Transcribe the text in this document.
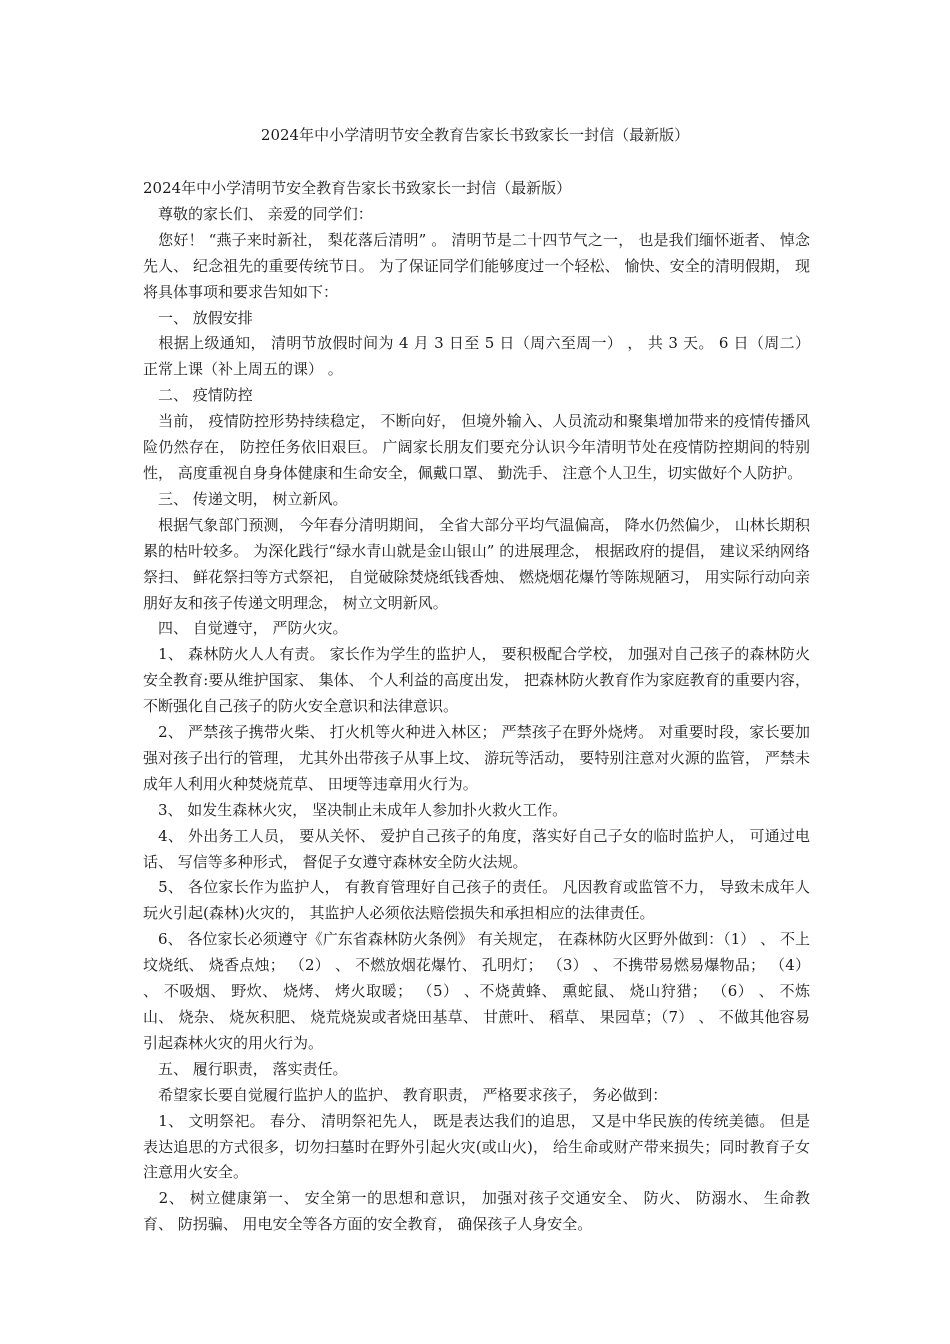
2024年中小学清明节安全教育告家长书致家长一封信（最新版）

2024年中小学清明节安全教育告家长书致家长一封信（最新版）

　尊敬的家长们、 亲爱的同学们：

　您好！ “燕子来时新社， 梨花落后清明” 。 清明节是二十四节气之一， 也是我们缅怀逝者、 悼念先人、 纪念祖先的重要传统节日。 为了保证同学们能够度过一个轻松、 愉快、安全的清明假期， 现将具体事项和要求告知如下：

　一、 放假安排

　根据上级通知， 清明节放假时间为 4 月 3 日至 5 日（周六至周一） ， 共 3 天。 6 日（周二） 正常上课（补上周五的课） 。

　二、 疫情防控

　当前， 疫情防控形势持续稳定， 不断向好， 但境外输入、人员流动和聚集增加带来的疫情传播风险仍然存在， 防控任务依旧艰巨。 广阔家长朋友们要充分认识今年清明节处在疫情防控期间的特别性， 高度重视自身身体健康和生命安全，佩戴口罩、 勤洗手、 注意个人卫生，切实做好个人防护。

　三、 传递文明， 树立新风。

　根据气象部门预测， 今年春分清明期间， 全省大部分平均气温偏高， 降水仍然偏少， 山林长期积累的枯叶较多。 为深化践行“绿水青山就是金山银山” 的进展理念， 根据政府的提倡， 建议采纳网络祭扫、 鲜花祭扫等方式祭祀， 自觉破除焚烧纸钱香烛、 燃烧烟花爆竹等陈规陋习， 用实际行动向亲朋好友和孩子传递文明理念， 树立文明新风。

　四、 自觉遵守， 严防火灾。

　1、 森林防火人人有责。 家长作为学生的监护人， 要积极配合学校， 加强对自己孩子的森林防火安全教育:要从维护国家、 集体、 个人利益的高度出发， 把森林防火教育作为家庭教育的重要内容， 不断强化自己孩子的防火安全意识和法律意识。

　2、 严禁孩子携带火柴、 打火机等火种进入林区； 严禁孩子在野外烧烤。 对重要时段，家长要加强对孩子出行的管理， 尤其外出带孩子从事上坟、 游玩等活动， 要特别注意对火源的监管， 严禁未成年人利用火种焚烧荒草、 田埂等违章用火行为。

　3、 如发生森林火灾， 坚决制止未成年人参加扑火救火工作。

　4、 外出务工人员， 要从关怀、 爱护自己孩子的角度，落实好自己子女的临时监护人， 可通过电话、 写信等多种形式， 督促子女遵守森林安全防火法规。

　5、 各位家长作为监护人， 有教育管理好自己孩子的责任。 凡因教育或监管不力， 导致未成年人玩火引起(森林)火灾的， 其监护人必须依法赔偿损失和承担相应的法律责任。

　6、 各位家长必须遵守《广东省森林防火条例》 有关规定， 在森林防火区野外做到：（1） 、 不上坟烧纸、 烧香点烛； （2） 、 不燃放烟花爆竹、 孔明灯； （3） 、 不携带易燃易爆物品； （4） 、 不吸烟、 野炊、 烧烤、 烤火取暖； （5） 、不烧黄蜂、 熏蛇鼠、 烧山狩猎； （6） 、 不炼山、 烧杂、 烧灰积肥、 烧荒烧炭或者烧田基草、 甘蔗叶、 稻草、 果园草；（7） 、 不做其他容易引起森林火灾的用火行为。

　五、 履行职责， 落实责任。

　希望家长要自觉履行监护人的监护、 教育职责， 严格要求孩子， 务必做到：

　1、 文明祭祀。 春分、 清明祭祀先人， 既是表达我们的追思， 又是中华民族的传统美德。 但是表达追思的方式很多，切勿扫墓时在野外引起火灾(或山火)， 给生命或财产带来损失；同时教育子女注意用火安全。

　2、 树立健康第一、 安全第一的思想和意识， 加强对孩子交通安全、 防火、 防溺水、 生命教育、 防拐骗、 用电安全等各方面的安全教育， 确保孩子人身安全。
